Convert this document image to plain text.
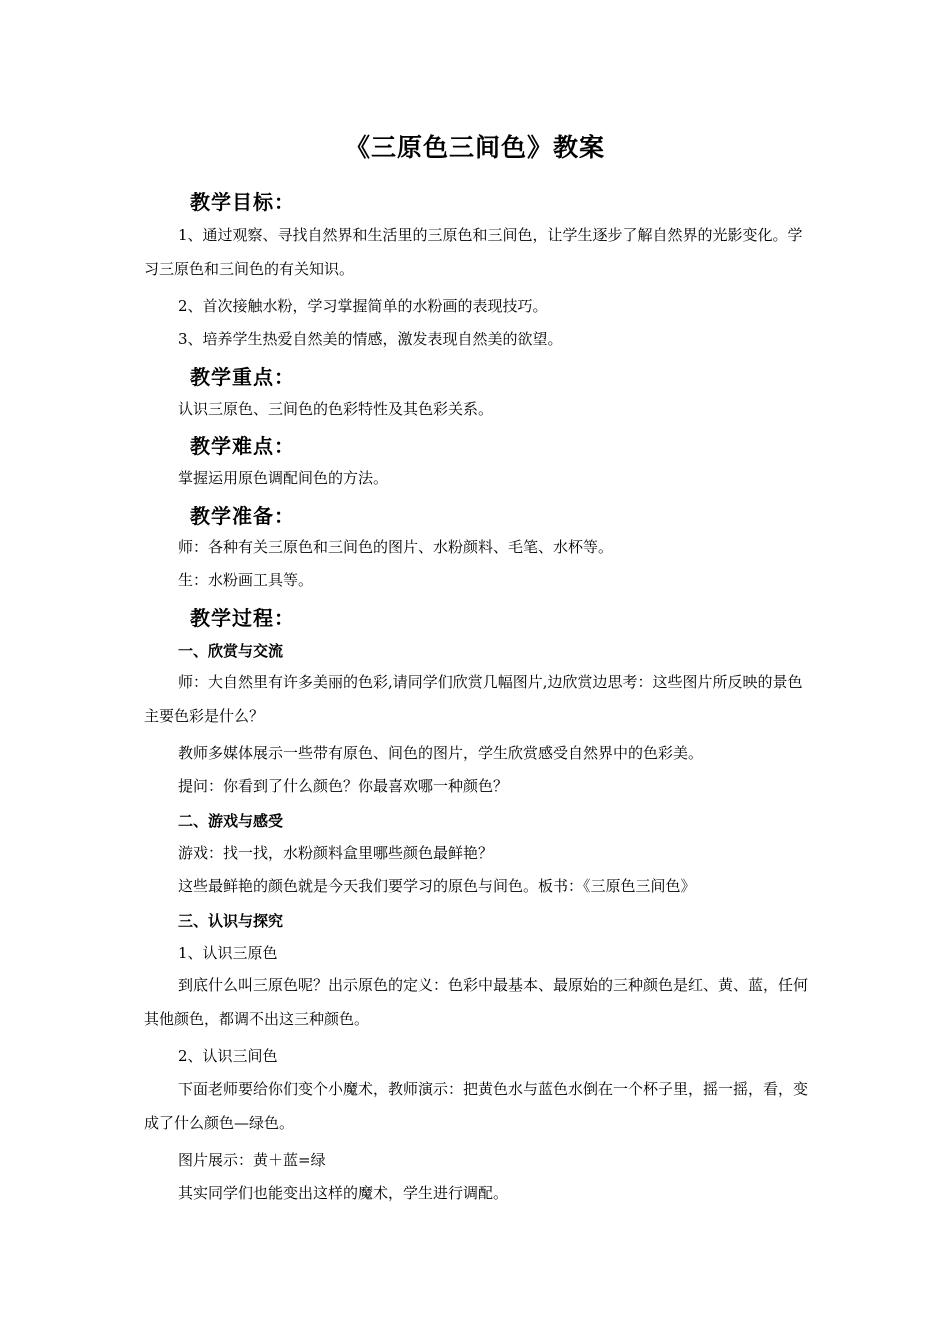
《三原色三间色》教案
教学目标：
1、通过观察、寻找自然界和生活里的三原色和三间色，让学生逐步了解自然界的光影变化。学习三原色和三间色的有关知识。
2、首次接触水粉，学习掌握简单的水粉画的表现技巧。
3、培养学生热爱自然美的情感，激发表现自然美的欲望。
教学重点：
认识三原色、三间色的色彩特性及其色彩关系。
教学难点：
掌握运用原色调配间色的方法。
教学准备：
师：各种有关三原色和三间色的图片、水粉颜料、毛笔、水杯等。
生：水粉画工具等。
教学过程：
一、欣赏与交流
师：大自然里有许多美丽的色彩,请同学们欣赏几幅图片,边欣赏边思考：这些图片所反映的景色主要色彩是什么？
教师多媒体展示一些带有原色、间色的图片，学生欣赏感受自然界中的色彩美。
提问：你看到了什么颜色？你最喜欢哪一种颜色？
二、游戏与感受
游戏：找一找，水粉颜料盒里哪些颜色最鲜艳？
这些最鲜艳的颜色就是今天我们要学习的原色与间色。板书：《三原色三间色》
三、认识与探究
1、认识三原色
到底什么叫三原色呢？出示原色的定义：色彩中最基本、最原始的三种颜色是红、黄、蓝，任何其他颜色，都调不出这三种颜色。
2、认识三间色
下面老师要给你们变个小魔术，教师演示：把黄色水与蓝色水倒在一个杯子里，摇一摇，看，变成了什么颜色—绿色。
图片展示：黄＋蓝=绿
其实同学们也能变出这样的魔术，学生进行调配。
